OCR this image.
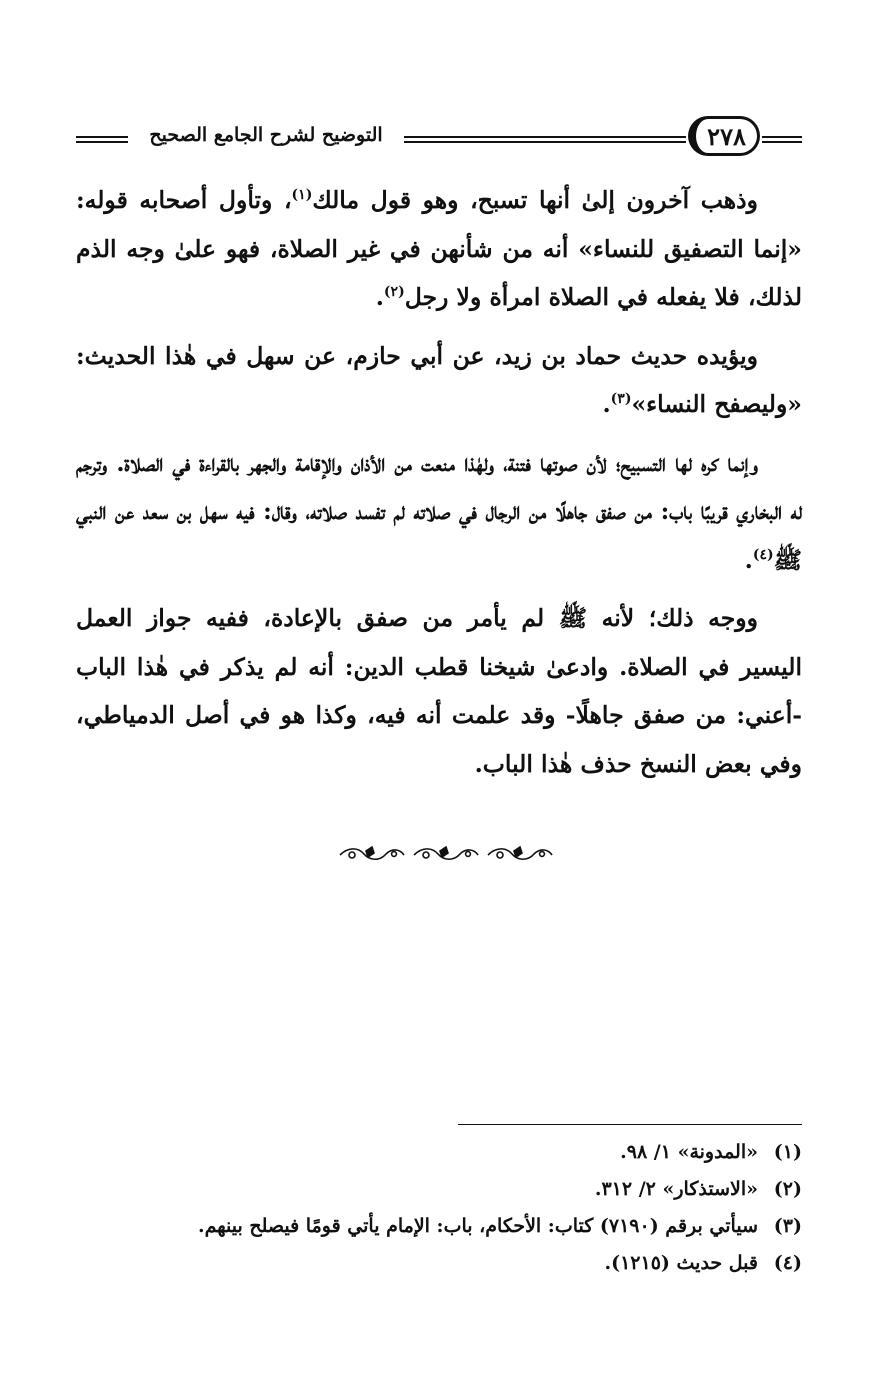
التوضيح لشرح الجامع الصحيح	٢٧٨

وذهب آخرون إلىٰ أنها تسبح، وهو قول مالك$^{(١)}$، وتأول أصحابه قوله: «إنما التصفيق للنساء» أنه من شأنهن في غير الصلاة، فهو علىٰ وجه الذم لذلك، فلا يفعله في الصلاة امرأة ولا رجل$^{(٢)}$.

ويؤيده حديث حماد بن زيد، عن أبي حازم، عن سهل في هٰذا الحديث: «وليصفح النساء»$^{(٣)}$.

وإنما كره لها التسبيح؛ لأن صوتها فتنة، ولهٰذا منعت من الأذان والإقامة والجهر بالقراءة في الصلاة. وترجم له البخاري قريبًا باب: من صفق جاهلًا من الرجال في صلاته لم تفسد صلاته، وقال: فيه سهل بن سعد عن النبي ﷺ$^{(٤)}$.

ووجه ذلك؛ لأنه ﷺ لم يأمر من صفق بالإعادة، ففيه جواز العمل اليسير في الصلاة. وادعىٰ شيخنا قطب الدين: أنه لم يذكر في هٰذا الباب -أعني: من صفق جاهلًا- وقد علمت أنه فيه، وكذا هو في أصل الدمياطي، وفي بعض النسخ حذف هٰذا الباب.

(١)
«المدونة» ١/ ٩٨.
(٢)
«الاستذكار» ٢/ ٣١٢.
(٣)
سيأتي برقم (٧١٩٠) كتاب: الأحكام، باب: الإمام يأتي قومًا فيصلح بينهم.
(٤)
قبل حديث (١٢١٥).
